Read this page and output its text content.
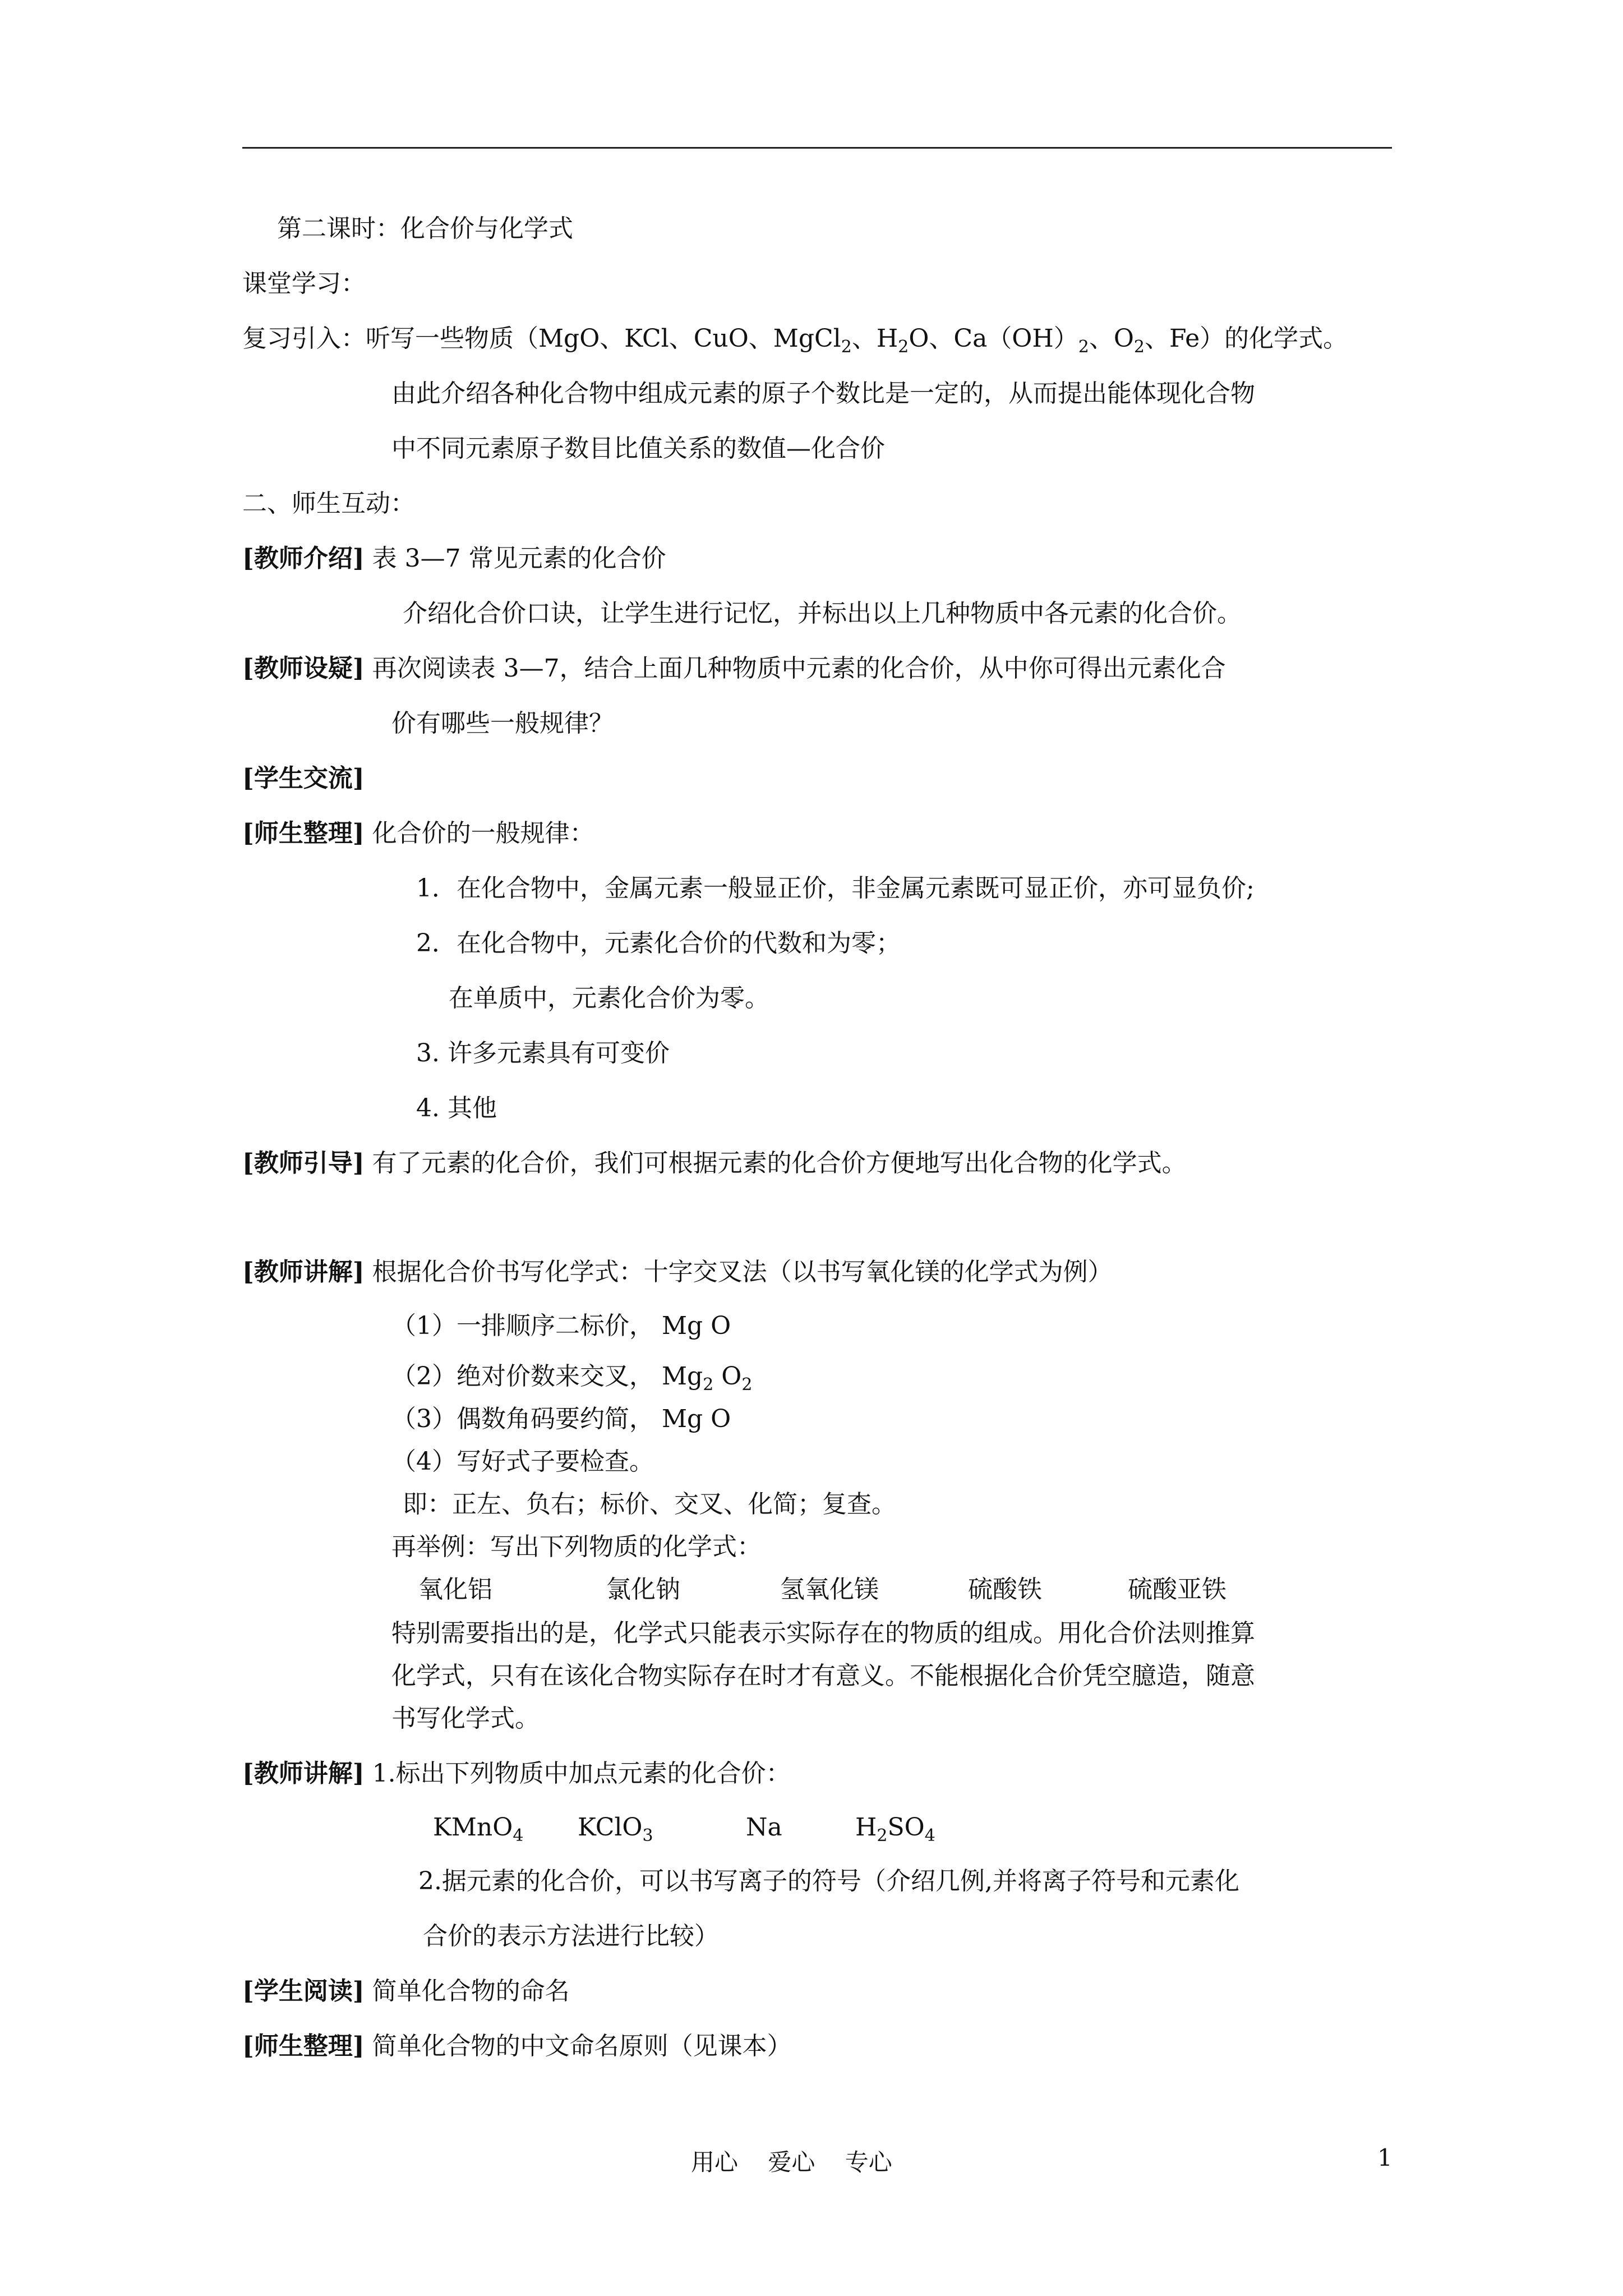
第二课时：化合价与化学式
课堂学习：
复习引入：听写一些物质（MgO、KCl、CuO、MgCl$_2$、$H_2O$、$Ca(OH)_2$、$O_2$、Fe）的化学式。
由此介绍各种化合物中组成元素的原子个数比是一定的，从而提出能体现化合物
中不同元素原子数目比值关系的数值—化合价
二、师生互动：
[教师介绍] 表 3—7 常见元素的化合价
介绍化合价口诀，让学生进行记忆，并标出以上几种物质中各元素的化合价。
[教师设疑] 再次阅读表 3—7，结合上面几种物质中元素的化合价，从中你可得出元素化合
价有哪些一般规律？
[学生交流]
[师生整理] 化合价的一般规律：
1．在化合物中，金属元素一般显正价，非金属元素既可显正价，亦可显负价;
2．在化合物中，元素化合价的代数和为零；
在单质中，元素化合价为零。
3. 许多元素具有可变价
4. 其他
[教师引导] 有了元素的化合价，我们可根据元素的化合价方便地写出化合物的化学式。
[教师讲解] 根据化合价书写化学式：十字交叉法（以书写氧化镁的化学式为例）
（1）一排顺序二标价， Mg O
（2）绝对价数来交叉， $Mg_2$ $O_2$
（3）偶数角码要约简， Mg O
（4）写好式子要检查。
即：正左、负右；标价、交叉、化简；复查。
再举例：写出下列物质的化学式：
氧化铝	氯化钠	氢氧化镁	硫酸铁	硫酸亚铁
特别需要指出的是，化学式只能表示实际存在的物质的组成。用化合价法则推算
化学式，只有在该化合物实际存在时才有意义。不能根据化合价凭空臆造，随意
书写化学式。
[教师讲解] 1.标出下列物质中加点元素的化合价：
KMnO$_4$ KClO$_3$	Na	$H_2SO_4$
2.据元素的化合价，可以书写离子的符号（介绍几例,并将离子符号和元素化
合价的表示方法进行比较）
[学生阅读] 简单化合物的命名
[师生整理] 简单化合物的中文命名原则（见课本）
用心    爱心    专心	1
